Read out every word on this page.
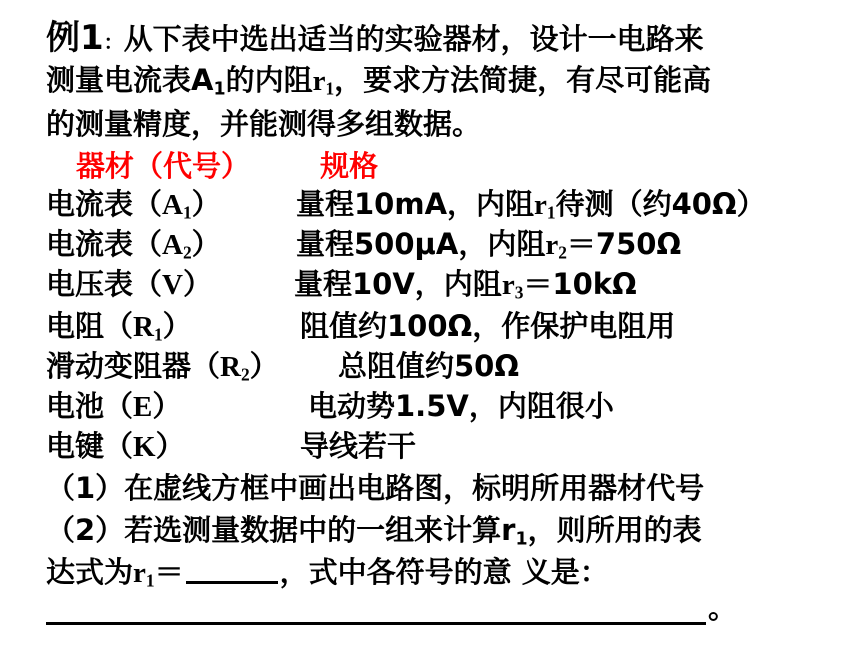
例1：从下表中选出适当的实验器材，设计一电路来
测量电流表$A_1$的内阻$r_1$，要求方法简捷，有尽可能高
的测量精度，并能测得多组数据。
器材（代号） 规格
电流表$(A_1)$	量程10mA，内阻$r_1$待测（约40Ω）
电流表$(A_2)$	量程500μA，内阻$r_2=750\Omega$
电压表（V）	量程10V，内阻$r_3=10k\Omega$
电阻$(R_1)$	阻值约100Ω，作保护电阻用
滑动变阻器$(R_2)$ 总阻值约50Ω
电池（E）	电动势1.5V，内阻很小
电键（K）	导线若干
（1）在虚线方框中画出电路图，标明所用器材代号
（2）若选测量数据中的一组来计算$r_1$，则所用的表
达式为$r_1=$	，式中各符号的意 义是：
。
